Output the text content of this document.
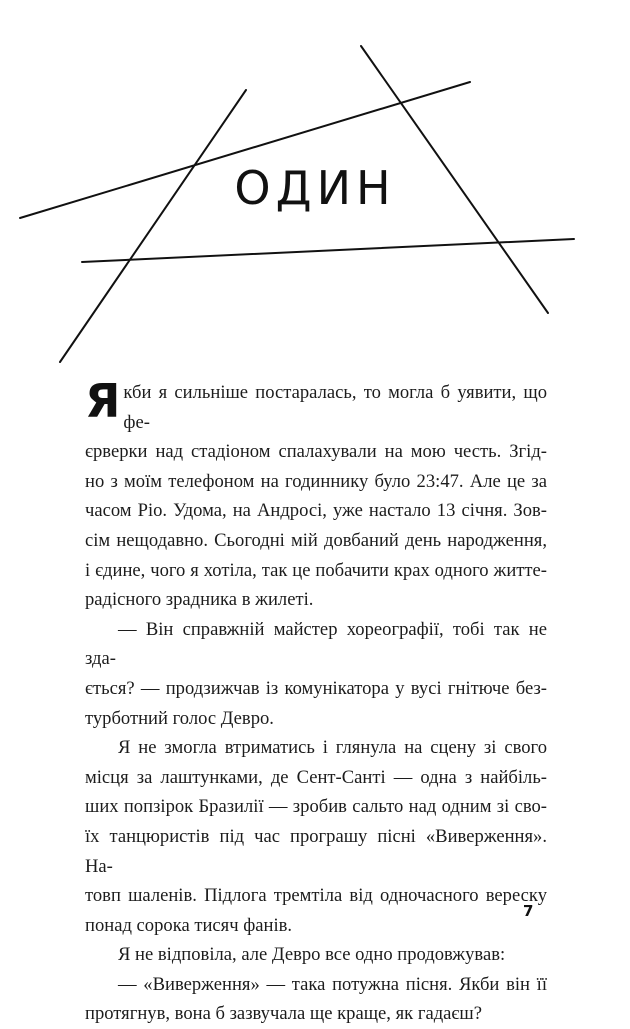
ОДИН

Я кби я сильніше постаралась, то могла б уявити, що фе-
єрверки над стадіоном спалахували на мою честь. Згід-
но з моїм телефоном на годиннику було 23:47. Але це за
часом Ріо. Удома, на Андросі, уже настало 13 січня. Зов-
сім нещодавно. Сьогодні мій довбаний день народження,
і єдине, чого я хотіла, так це побачити крах одного житте-
радісного зрадника в жилеті.

— Він справжній майстер хореографії, тобі так не зда-
ється? — продзижчав із комунікатора у вусі гнітюче без-
турботний голос Деврo.

Я не змогла втриматись і глянула на сцену зі свого
місця за лаштунками, де Сент-Санті — одна з найбіль-
ших попзірок Бразилії — зробив сальто над одним зі сво-
їх танцюристів під час програшу пісні «Виверження». На-
товп шаленів. Підлога тремтіла від одночасного вереску
понад сорока тисяч фанів.

Я не відповіла, але Деврo все одно продовжував:

— «Виверження» — така потужна пісня. Якби він її
протягнув, вона б зазвучала ще краще, як гадаєш?

7
